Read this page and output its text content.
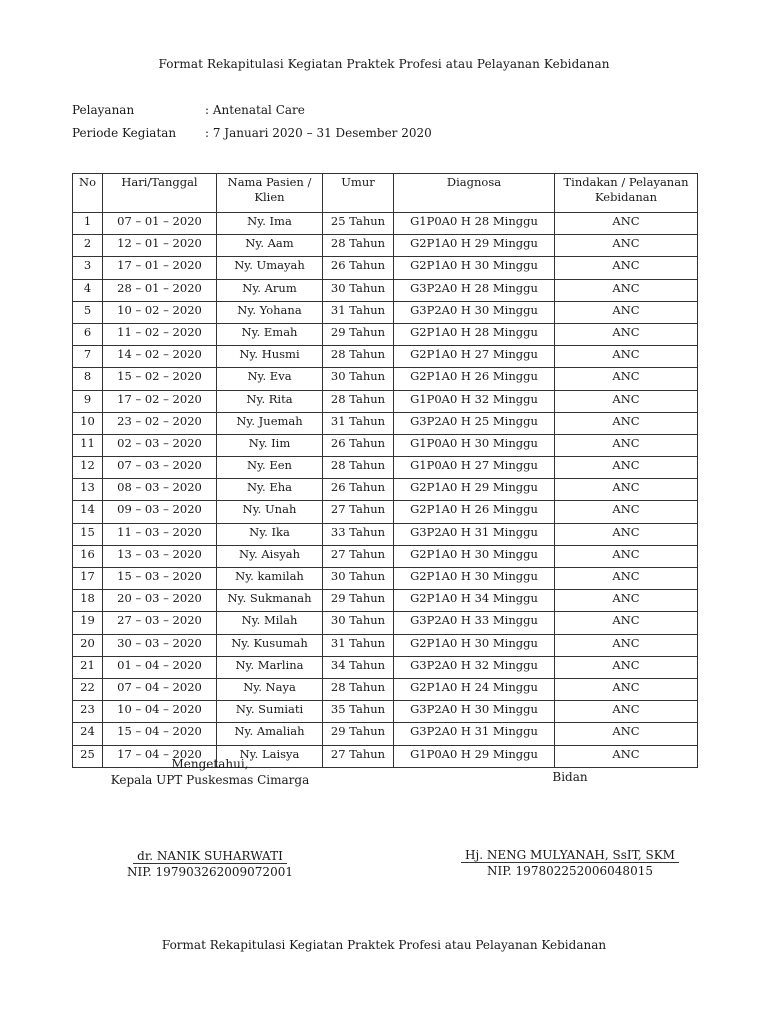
Format Rekapitulasi Kegiatan Praktek Profesi atau Pelayanan Kebidanan
Pelayanan	: Antenatal Care
Periode Kegiatan : 7 Januari 2020 – 31 Desember 2020
No	Hari/Tanggal	Nama Pasien / Klien	Umur	Diagnosa	Tindakan / Pelayanan Kebidanan
1	07 – 01 – 2020	Ny. Ima	25 Tahun	G1P0A0 H 28 Minggu	ANC
2	12 – 01 – 2020	Ny. Aam	28 Tahun	G2P1A0 H 29 Minggu	ANC
3	17 – 01 – 2020	Ny. Umayah	26 Tahun	G2P1A0 H 30 Minggu	ANC
4	28 – 01 – 2020	Ny. Arum	30 Tahun	G3P2A0 H 28 Minggu	ANC
5	10 – 02 – 2020	Ny. Yohana	31 Tahun	G3P2A0 H 30 Minggu	ANC
6	11 – 02 – 2020	Ny. Emah	29 Tahun	G2P1A0 H 28 Minggu	ANC
7	14 – 02 – 2020	Ny. Husmi	28 Tahun	G2P1A0 H 27 Minggu	ANC
8	15 – 02 – 2020	Ny. Eva	30 Tahun	G2P1A0 H 26 Minggu	ANC
9	17 – 02 – 2020	Ny. Rita	28 Tahun	G1P0A0 H 32 Minggu	ANC
10	23 – 02 – 2020	Ny. Juemah	31 Tahun	G3P2A0 H 25 Minggu	ANC
11	02 – 03 – 2020	Ny. Iim	26 Tahun	G1P0A0 H 30 Minggu	ANC
12	07 – 03 – 2020	Ny. Een	28 Tahun	G1P0A0 H 27 Minggu	ANC
13	08 – 03 – 2020	Ny. Eha	26 Tahun	G2P1A0 H 29 Minggu	ANC
14	09 – 03 – 2020	Ny. Unah	27 Tahun	G2P1A0 H 26 Minggu	ANC
15	11 – 03 – 2020	Ny. Ika	33 Tahun	G3P2A0 H 31 Minggu	ANC
16	13 – 03 – 2020	Ny. Aisyah	27 Tahun	G2P1A0 H 30 Minggu	ANC
17	15 – 03 – 2020	Ny. kamilah	30 Tahun	G2P1A0 H 30 Minggu	ANC
18	20 – 03 – 2020	Ny. Sukmanah	29 Tahun	G2P1A0 H 34 Minggu	ANC
19	27 – 03 – 2020	Ny. Milah	30 Tahun	G3P2A0 H 33 Minggu	ANC
20	30 – 03 – 2020	Ny. Kusumah	31 Tahun	G2P1A0 H 30 Minggu	ANC
21	01 – 04 – 2020	Ny. Marlina	34 Tahun	G3P2A0 H 32 Minggu	ANC
22	07 – 04 – 2020	Ny. Naya	28 Tahun	G2P1A0 H 24 Minggu	ANC
23	10 – 04 – 2020	Ny. Sumiati	35 Tahun	G3P2A0 H 30 Minggu	ANC
24	15 – 04 – 2020	Ny. Amaliah	29 Tahun	G3P2A0 H 31 Minggu	ANC
25	17 – 04 – 2020	Ny. Laisya	27 Tahun	G1P0A0 H 29 Minggu	ANC
Mengetahui,
Kepala UPT Puskesmas Cimarga	Bidan
dr. NANIK SUHARWATI
NIP. 197903262009072001
Hj. NENG MULYANAH, SsIT, SKM
NIP. 197802252006048015
Format Rekapitulasi Kegiatan Praktek Profesi atau Pelayanan Kebidanan
